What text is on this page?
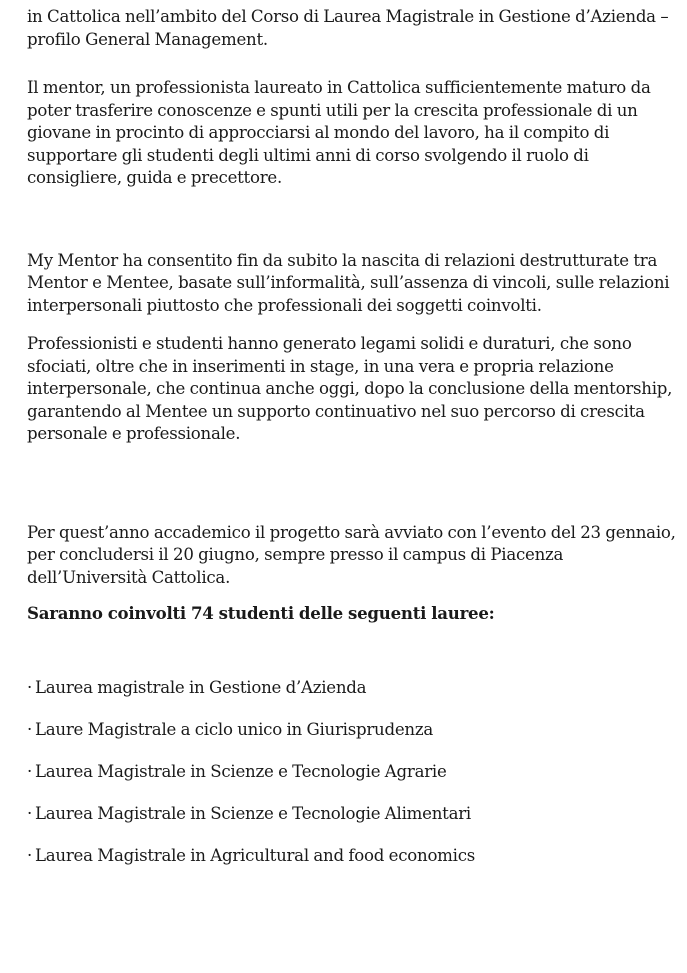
in Cattolica nell’ambito del Corso di Laurea Magistrale in Gestione d’Azienda – profilo General Management.

Il mentor, un professionista laureato in Cattolica sufficientemente maturo da poter trasferire conoscenze e spunti utili per la crescita professionale di un giovane in procinto di approcciarsi al mondo del lavoro, ha il compito di supportare gli studenti degli ultimi anni di corso svolgendo il ruolo di consigliere, guida e precettore.

My Mentor ha consentito fin da subito la nascita di relazioni destrutturate tra Mentor e Mentee, basate sull’informalità, sull’assenza di vincoli, sulle relazioni interpersonali piuttosto che professionali dei soggetti coinvolti.

Professionisti e studenti hanno generato legami solidi e duraturi, che sono sfociati, oltre che in inserimenti in stage, in una vera e propria relazione interpersonale, che continua anche oggi, dopo la conclusione della mentorship, garantendo al Mentee un supporto continuativo nel suo percorso di crescita personale e professionale.

Per quest’anno accademico il progetto sarà avviato con l’evento del 23 gennaio, per concludersi il 20 giugno, sempre presso il campus di Piacenza dell’Università Cattolica.

Saranno coinvolti 74 studenti delle seguenti lauree:

· Laurea magistrale in Gestione d’Azienda
· Laure Magistrale a ciclo unico in Giurisprudenza
· Laurea Magistrale in Scienze e Tecnologie Agrarie
· Laurea Magistrale in Scienze e Tecnologie Alimentari
· Laurea Magistrale in Agricultural and food economics
